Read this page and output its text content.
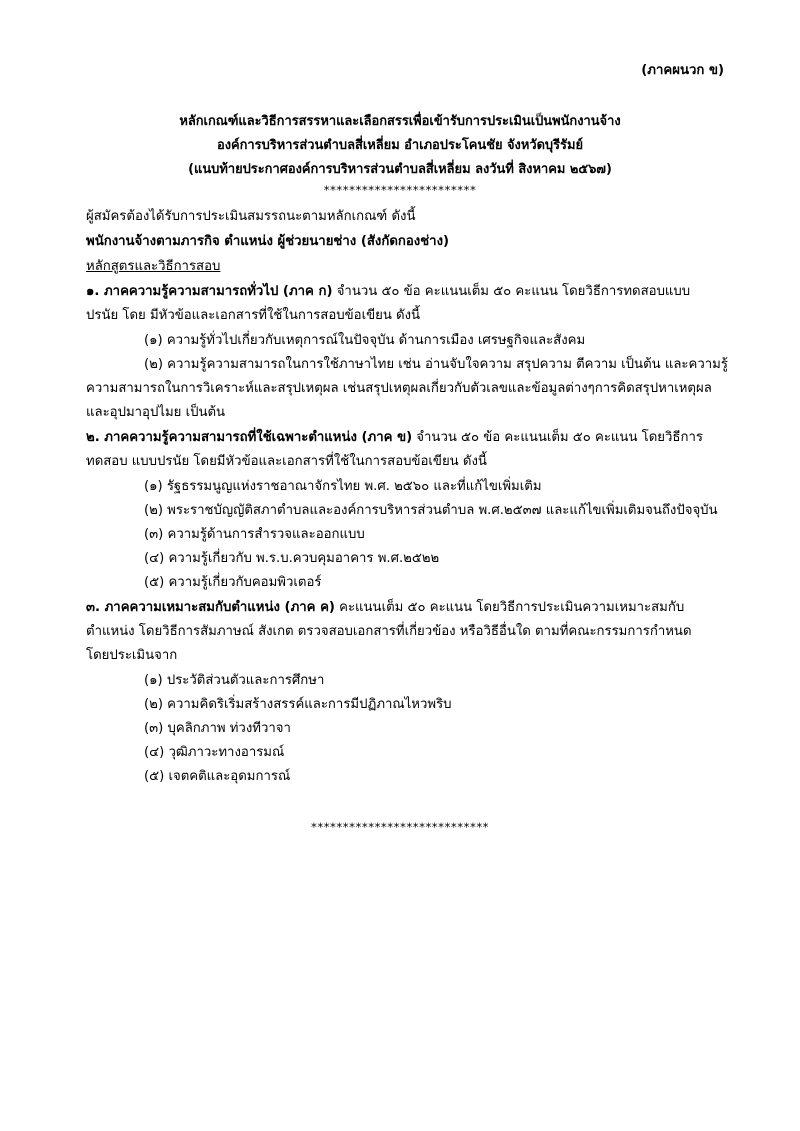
(ภาคผนวก ข)
หลักเกณฑ์และวิธีการสรรหาและเลือกสรรเพื่อเข้ารับการประเมินเป็นพนักงานจ้าง
องค์การบริหารส่วนตำบลสี่เหลี่ยม อำเภอประโคนชัย จังหวัดบุรีรัมย์
(แนบท้ายประกาศองค์การบริหารส่วนตำบลสี่เหลี่ยม ลงวันที่ สิงหาคม ๒๕๖๗)
************************
ผู้สมัครต้องได้รับการประเมินสมรรถนะตามหลักเกณฑ์ ดังนี้
พนักงานจ้างตามภารกิจ ตำแหน่ง ผู้ช่วยนายช่าง (สังกัดกองช่าง)
หลักสูตรและวิธีการสอบ
๑. ภาคความรู้ความสามารถทั่วไป (ภาค ก) จำนวน ๕๐ ข้อ คะแนนเต็ม ๕๐ คะแนน โดยวิธีการทดสอบแบบ
ปรนัย โดย มีหัวข้อและเอกสารที่ใช้ในการสอบข้อเขียน ดังนี้
(๑) ความรู้ทั่วไปเกี่ยวกับเหตุการณ์ในปัจจุบัน ด้านการเมือง เศรษฐกิจและสังคม
(๒) ความรู้ความสามารถในการใช้ภาษาไทย เช่น อ่านจับใจความ สรุปความ ตีความ เป็นต้น และความรู้
ความสามารถในการวิเคราะห์และสรุปเหตุผล เช่นสรุปเหตุผลเกี่ยวกับตัวเลขและข้อมูลต่างๆการคิดสรุปหาเหตุผล
และอุปมาอุปไมย เป็นต้น
๒. ภาคความรู้ความสามารถที่ใช้เฉพาะตำแหน่ง (ภาค ข) จำนวน ๕๐ ข้อ คะแนนเต็ม ๕๐ คะแนน โดยวิธีการ
ทดสอบ แบบปรนัย โดยมีหัวข้อและเอกสารที่ใช้ในการสอบข้อเขียน ดังนี้
(๑) รัฐธรรมนูญแห่งราชอาณาจักรไทย พ.ศ. ๒๕๖๐ และที่แก้ไขเพิ่มเติม
(๒) พระราชบัญญัติสภาตำบลและองค์การบริหารส่วนตำบล พ.ศ.๒๕๓๗ และแก้ไขเพิ่มเติมจนถึงปัจจุบัน
(๓) ความรู้ด้านการสำรวจและออกแบบ
(๔) ความรู้เกี่ยวกับ พ.ร.บ.ควบคุมอาคาร พ.ศ.๒๕๒๒
(๕) ความรู้เกี่ยวกับคอมพิวเตอร์
๓. ภาคความเหมาะสมกับตำแหน่ง (ภาค ค) คะแนนเต็ม ๕๐ คะแนน โดยวิธีการประเมินความเหมาะสมกับ
ตำแหน่ง โดยวิธีการสัมภาษณ์ สังเกต ตรวจสอบเอกสารที่เกี่ยวข้อง หรือวิธีอื่นใด ตามที่คณะกรรมการกำหนด
โดยประเมินจาก
(๑) ประวัติส่วนตัวและการศึกษา
(๒) ความคิดริเริ่มสร้างสรรค์และการมีปฏิภาณไหวพริบ
(๓) บุคลิกภาพ ท่วงทีวาจา
(๔) วุฒิภาวะทางอารมณ์
(๕) เจตคติและอุดมการณ์
****************************
